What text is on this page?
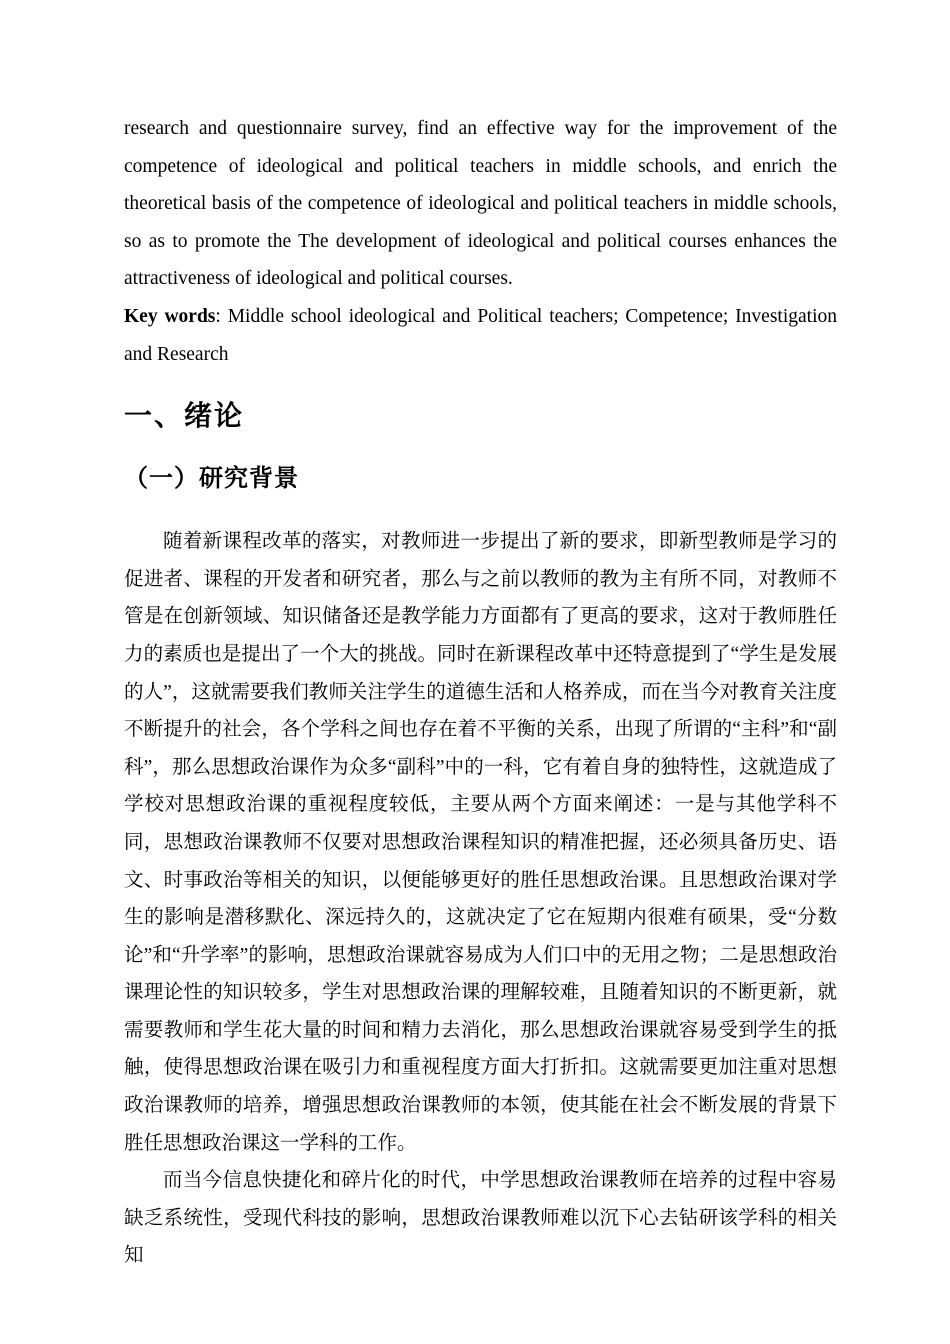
research and questionnaire survey, find an effective way for the improvement of the competence of ideological and political teachers in middle schools, and enrich the theoretical basis of the competence of ideological and political teachers in middle schools, so as to promote the The development of ideological and political courses enhances the attractiveness of ideological and political courses.

Key words: Middle school ideological and Political teachers; Competence; Investigation and Research

一、绪论
（一）研究背景

随着新课程改革的落实，对教师进一步提出了新的要求，即新型教师是学习的促进者、课程的开发者和研究者，那么与之前以教师的教为主有所不同，对教师不管是在创新领域、知识储备还是教学能力方面都有了更高的要求，这对于教师胜任力的素质也是提出了一个大的挑战。同时在新课程改革中还特意提到了“学生是发展的人”，这就需要我们教师关注学生的道德生活和人格养成，而在当今对教育关注度不断提升的社会，各个学科之间也存在着不平衡的关系，出现了所谓的“主科”和“副科”，那么思想政治课作为众多“副科”中的一科，它有着自身的独特性，这就造成了学校对思想政治课的重视程度较低，主要从两个方面来阐述：一是与其他学科不同，思想政治课教师不仅要对思想政治课程知识的精准把握，还必须具备历史、语文、时事政治等相关的知识，以便能够更好的胜任思想政治课。且思想政治课对学生的影响是潜移默化、深远持久的，这就决定了它在短期内很难有硕果，受“分数论”和“升学率”的影响，思想政治课就容易成为人们口中的无用之物；二是思想政治课理论性的知识较多，学生对思想政治课的理解较难，且随着知识的不断更新，就需要教师和学生花大量的时间和精力去消化，那么思想政治课就容易受到学生的抵触，使得思想政治课在吸引力和重视程度方面大打折扣。这就需要更加注重对思想政治课教师的培养，增强思想政治课教师的本领，使其能在社会不断发展的背景下胜任思想政治课这一学科的工作。

而当今信息快捷化和碎片化的时代，中学思想政治课教师在培养的过程中容易缺乏系统性，受现代科技的影响，思想政治课教师难以沉下心去钻研该学科的相关知
